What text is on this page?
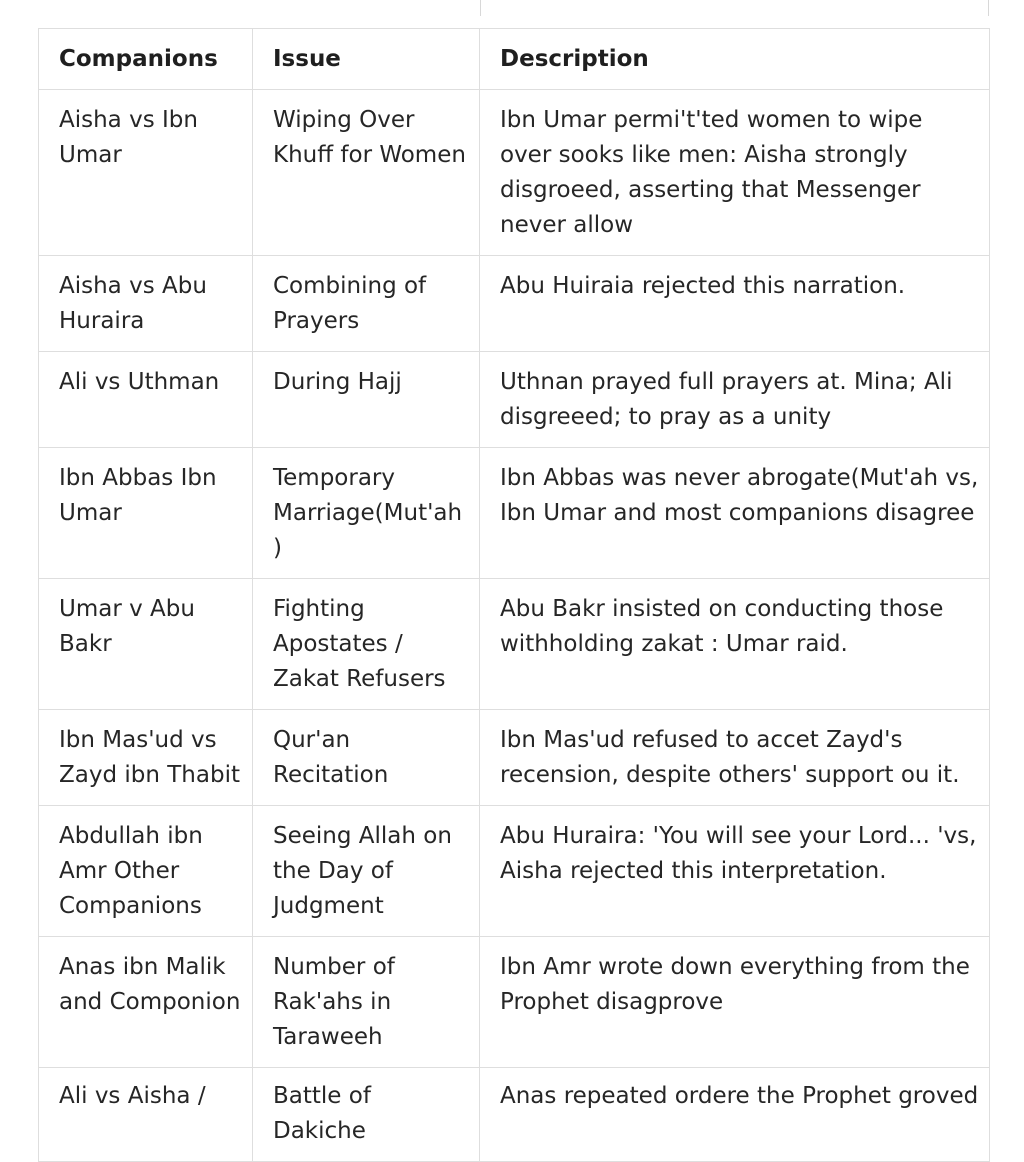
Companions	Issue	Description
Aisha vs Ibn Umar	Wiping Over Khuff for Women	Ibn Umar permi't'ted women to wipe over sooks like men: Aisha strongly disgroeed, asserting that Messenger never allow
Aisha vs Abu Huraira	Combining of Prayers	Abu Huiraia rejected this narration.
Ali vs Uthman	During Hajj	Uthnan prayed full prayers at. Mina; Ali disgreeed; to pray as a unity
Ibn Abbas Ibn Umar	Temporary Marriage(Mut'ah)	Ibn Abbas was never abrogate(Mut'ah vs, Ibn Umar and most companions disagree
Umar v Abu Bakr	Fighting Apostates / Zakat Refusers	Abu Bakr insisted on conducting those withholding zakat : Umar raid.
Ibn Mas'ud vs Zayd ibn Thabit	Qur'an Recitation	Ibn Mas'ud refused to accet Zayd's recension, despite others' support ou it.
Abdullah ibn Amr Other Companions	Seeing Allah on the Day of Judgment	Abu Huraira: 'You will see your Lord... 'vs, Aisha rejected this interpretation.
Anas ibn Malik and Componion	Number of Rak'ahs in Taraweeh	Ibn Amr wrote down everything from the Prophet disagprove
Ali vs Aisha /	Battle of Dakiche	Anas repeated ordere the Prophet groved
